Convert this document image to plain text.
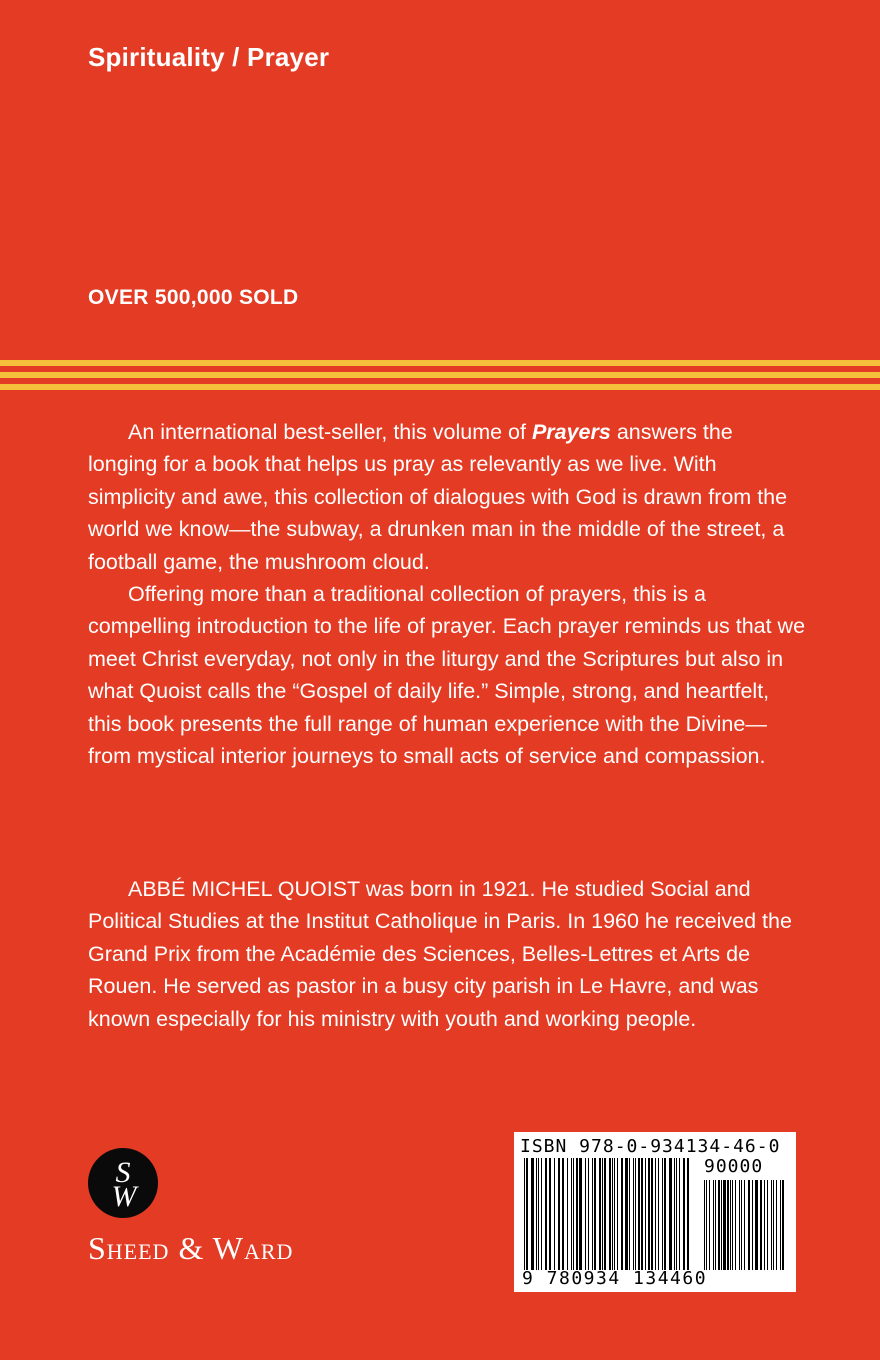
Spirituality / Prayer

OVER 500,000 SOLD

An international best-seller, this volume of Prayers answers the longing for a book that helps us pray as relevantly as we live. With simplicity and awe, this collection of dialogues with God is drawn from the world we know—the subway, a drunken man in the middle of the street, a football game, the mushroom cloud.

Offering more than a traditional collection of prayers, this is a compelling introduction to the life of prayer. Each prayer reminds us that we meet Christ everyday, not only in the liturgy and the Scriptures but also in what Quoist calls the “Gospel of daily life.” Simple, strong, and heartfelt, this book presents the full range of human experience with the Divine—from mystical interior journeys to small acts of service and compassion.

ABBÉ MICHEL QUOIST was born in 1921. He studied Social and Political Studies at the Institut Catholique in Paris. In 1960 he received the Grand Prix from the Académie des Sciences, Belles-Lettres et Arts de Rouen. He served as pastor in a busy city parish in Le Havre, and was known especially for his ministry with youth and working people.

S
W

Sheed & Ward

ISBN 978-0-934134-46-0

90000

9 780934 134460
